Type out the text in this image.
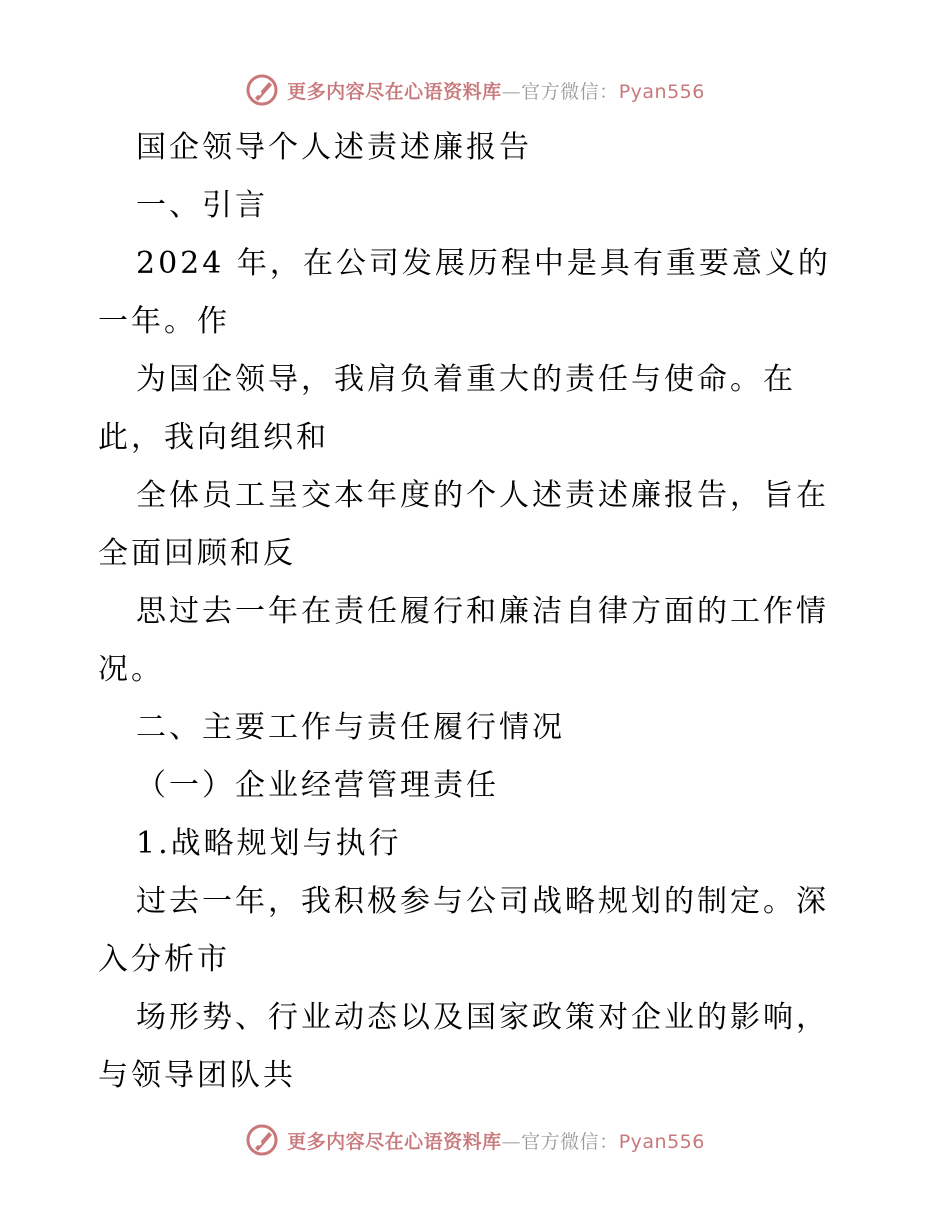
更多内容尽在心语资料库—官方微信：Pyan556
国企领导个人述责述廉报告
一、引言
2024 年，在公司发展历程中是具有重要意义的
一年。作
为国企领导，我肩负着重大的责任与使命。在
此，我向组织和
全体员工呈交本年度的个人述责述廉报告，旨在
全面回顾和反
思过去一年在责任履行和廉洁自律方面的工作情
况。
二、主要工作与责任履行情况
（一）企业经营管理责任
1.战略规划与执行
过去一年，我积极参与公司战略规划的制定。深
入分析市
场形势、行业动态以及国家政策对企业的影响，
与领导团队共
更多内容尽在心语资料库—官方微信：Pyan556
